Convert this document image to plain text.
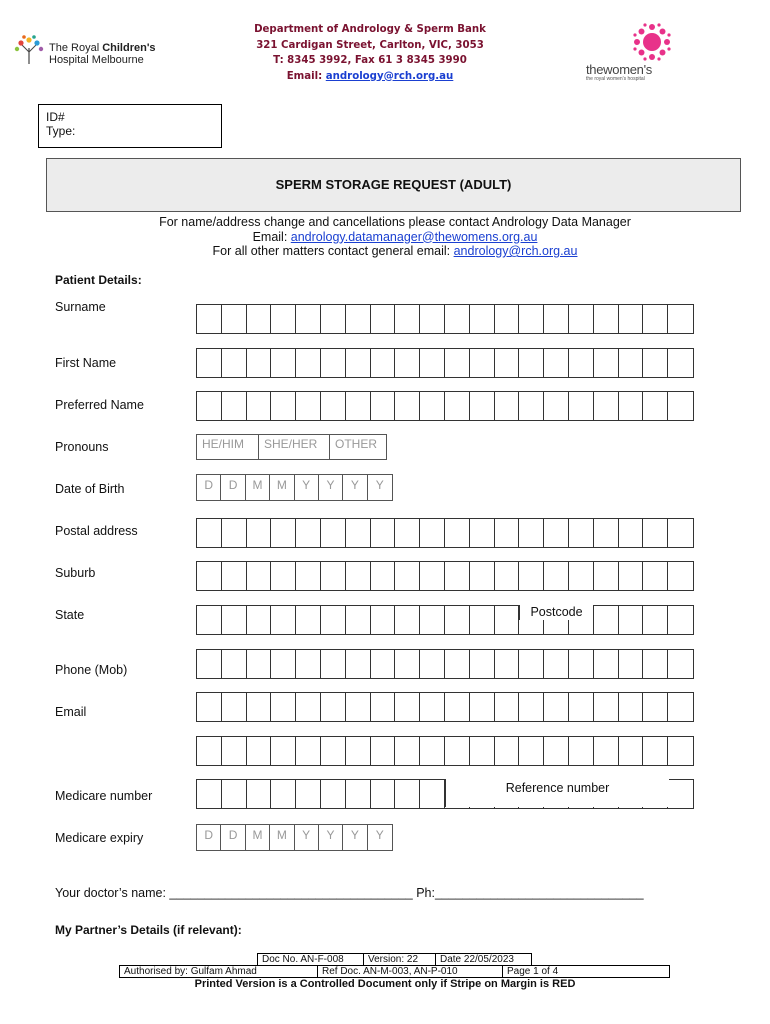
The Royal Children's
Hospital Melbourne
Department of Andrology & Sperm Bank
321 Cardigan Street, Carlton, VIC, 3053
T: 8345 3992, Fax 61 3 8345 3990
Email: andrology@rch.org.au	thewomen's
the royal women's hospital
ID#
Type:
SPERM STORAGE REQUEST (ADULT)
For name/address change and cancellations please contact Andrology Data Manager
Email: andrology.datamanager@thewomens.org.au
For all other matters contact general email: andrology@rch.org.au
Patient Details:
Surname
First Name
Preferred Name
Pronouns	HE/HIM	SHE/HER	OTHER
Date of Birth	D	D	M	M	Y	Y	Y	Y
Postal address
Suburb
State	Postcode
Phone (Mob)
Email
Medicare number
Reference number
Medicare expiry	D	D	M	M	Y	Y	Y	Y
Your doctor’s name: ___________________________________ Ph:______________________________
My Partner’s Details (if relevant):
Doc No. AN-F-008	Version: 22	Date 22/05/2023
Authorised by: Gulfam Ahmad	Ref Doc. AN-M-003, AN-P-010	Page 1 of 4
Printed Version is a Controlled Document only if Stripe on Margin is RED
